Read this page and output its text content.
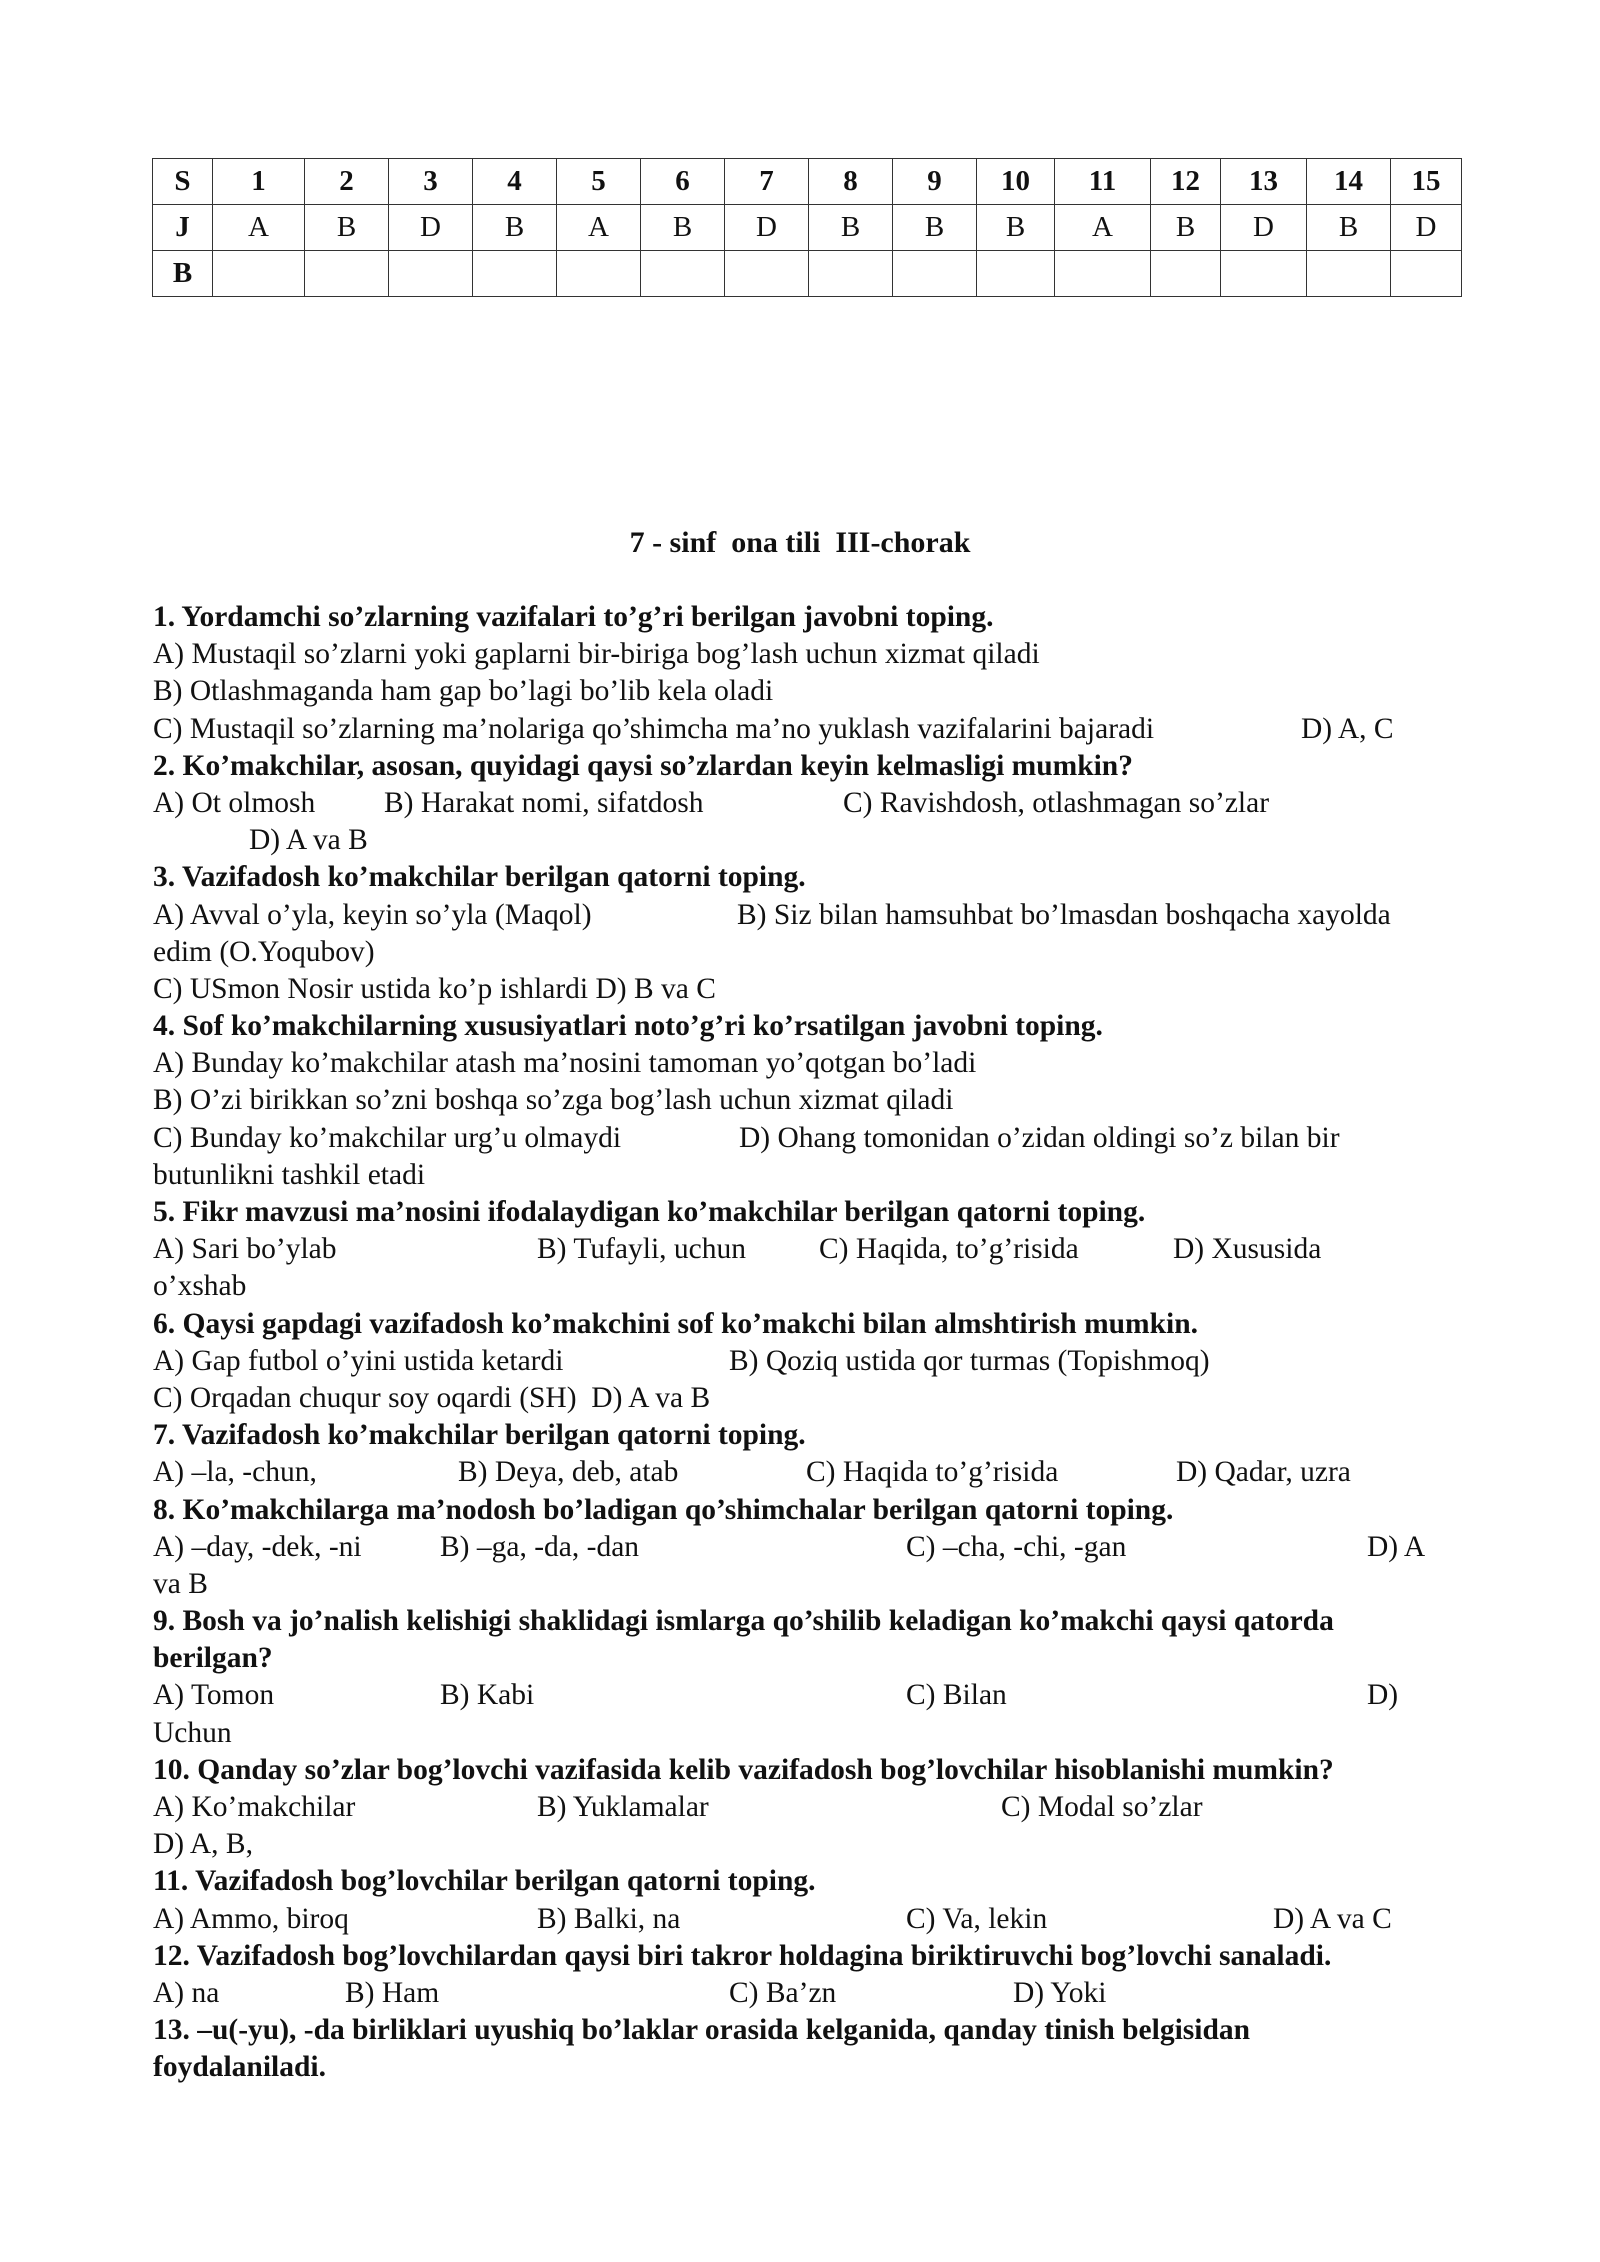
S	1	2	3	4	5	6	7	8	9	10	11	12	13	14	15
J	A	B	D	B	A	B	D	B	B	B	A	B	D	B	D
B															
7 - sinf  ona tili  III-chorak
1. Yordamchi so’zlarning vazifalari to’g’ri berilgan javobni toping.
A) Mustaqil so’zlarni yoki gaplarni bir-biriga bog’lash uchun xizmat qiladi
B) Otlashmaganda ham gap bo’lagi bo’lib kela oladi
C) Mustaqil so’zlarning ma’nolariga qo’shimcha ma’no yuklash vazifalarini bajaradi	D) A, C
2. Ko’makchilar, asosan, quyidagi qaysi so’zlardan keyin kelmasligi mumkin?
A) Ot olmosh B) Harakat nomi, sifatdosh	C) Ravishdosh, otlashmagan so’zlar
D) A va B
3. Vazifadosh ko’makchilar berilgan qatorni toping.
A) Avval o’yla, keyin so’yla (Maqol)	B) Siz bilan hamsuhbat bo’lmasdan boshqacha xayolda
edim (O.Yoqubov)
C) USmon Nosir ustida ko’p ishlardi D) B va C
4. Sof ko’makchilarning xususiyatlari noto’g’ri ko’rsatilgan javobni toping.
A) Bunday ko’makchilar atash ma’nosini tamoman yo’qotgan bo’ladi
B) O’zi birikkan so’zni boshqa so’zga bog’lash uchun xizmat qiladi
C) Bunday ko’makchilar urg’u olmaydi	D) Ohang tomonidan o’zidan oldingi so’z bilan bir
butunlikni tashkil etadi
5. Fikr mavzusi ma’nosini ifodalaydigan ko’makchilar berilgan qatorni toping.
A) Sari bo’ylab	B) Tufayli, uchun C) Haqida, to’g’risida	D) Xususida
o’xshab
6. Qaysi gapdagi vazifadosh ko’makchini sof ko’makchi bilan almshtirish mumkin.
A) Gap futbol o’yini ustida ketardi	B) Qoziq ustida qor turmas (Topishmoq)
C) Orqadan chuqur soy oqardi (SH)  D) A va B
7. Vazifadosh ko’makchilar berilgan qatorni toping.
A) –la, -chun,	B) Deya, deb, atab	C) Haqida to’g’risida	D) Qadar, uzra
8. Ko’makchilarga ma’nodosh bo’ladigan qo’shimchalar berilgan qatorni toping.
A) –day, -dek, -ni	B) –ga, -da, -dan	C) –cha, -chi, -gan	D) A
va B
9. Bosh va jo’nalish kelishigi shaklidagi ismlarga qo’shilib keladigan ko’makchi qaysi qatorda
berilgan?
A) Tomon	B) Kabi	C) Bilan	D)
Uchun
10. Qanday so’zlar bog’lovchi vazifasida kelib vazifadosh bog’lovchilar hisoblanishi mumkin?
A) Ko’makchilar	B) Yuklamalar	C) Modal so’zlar
D) A, B,
11. Vazifadosh bog’lovchilar berilgan qatorni toping.
A) Ammo, biroq	B) Balki, na	C) Va, lekin	D) A va C
12. Vazifadosh bog’lovchilardan qaysi biri takror holdagina biriktiruvchi bog’lovchi sanaladi.
A) na	B) Ham	C) Ba’zn	D) Yoki
13. –u(-yu), -da birliklari uyushiq bo’laklar orasida kelganida, qanday tinish belgisidan
foydalaniladi.
